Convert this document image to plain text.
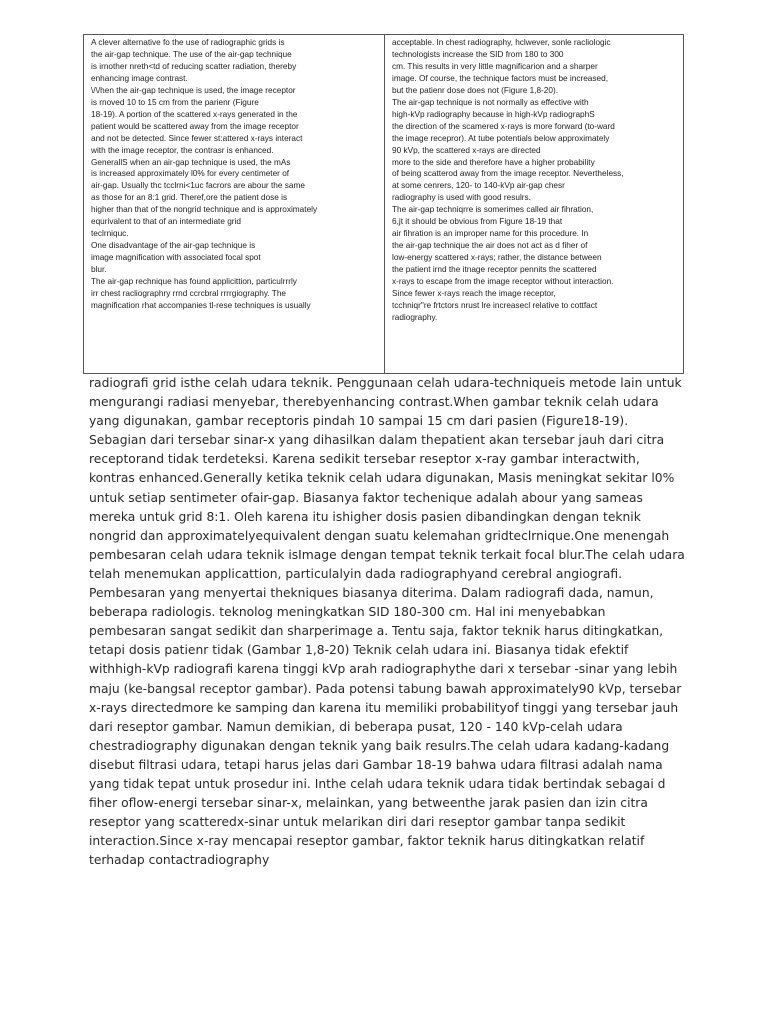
A clever alternative fo the use of radiographic grids is
the air-gap technique. The use of the air-gap technique
is irnother nreth<td of reducing scatter radiation, thereby
enhancing image contrast.
\/\/hen the air-gap technique is used, the image receptor
is rnoved 10 to 15 cm from the parienr (Figure
18-19). A portion of the scattered x-rays generated in the
patient would be scattered away from the image receptor
and not be detected. Since fewer st:attered x-rays interact
with the image receptor, the contrasr is enhanced.
GenerallS when an air-gap technique is used, the mAs
is increased approximately l0% for every centimeter of
air-gap. Usually thc tcclrni<1uc facrors are abour the same
as those for an 8:1 grid. Theref,ore the patient dose is
higher than that of the nongrid technique and is approximately
equrivalent to that of an intermediate grid
teclrniquc.
One disadvantage of the air-gap technique is
image magnification with associated focal spot
blur.
The air-gap rechnique has found applicittion, particulrrrly
irr chest racliographry rrnd ccrcbral rrrrgiography. The
magnification rhat accompanies tl-rese techniques is usually
acceptable. In chest radiography, hclwever, sonle racliologic
technologists increase the SID from 180 to 300
cm. This results in very little magnificarion and a sharper
image. Of course, the technique factors must be increased,
but the patienr dose does not (Figure 1,8-20).
The air-gap technique is not normally as effective with
high-kVp radiography because in high-kVp radiographS
the direction of the scamered x-rays is more forward (to-ward
the image recepror). At tube potentials below approximately
90 kVp, the scattered x-rays are directed
more to the side and therefore have a higher probability
of being scatterod away from the image receptor. Nevertheless,
at some cenrers, 120- to 140-kVp air-gap chesr
radiography is used with good resulrs.
The air-gap techniqrre is somerimes called air fihration,
6,jt it should be obvious from Figure 18-19 that
air fihration is an improper name for this procedure. In
the air-gap technique the air does not act as d fiher of
low-energy scattered x-rays; rather, the distance between
the patient irnd the itnage receptor pennits the scattered
x-rays to escape from the image receptor without interaction.
Since fewer x-rays reach the image receptor,
tcchniqr"re frtctors nrust lre increasecl relative to cottfact
radiography.

radiografi grid isthe celah udara teknik. Penggunaan celah udara-techniqueis metode lain untuk mengurangi radiasi menyebar, therebyenhancing contrast.When gambar teknik celah udara yang digunakan, gambar receptoris pindah 10 sampai 15 cm dari pasien (Figure18-19). Sebagian dari tersebar sinar-x yang dihasilkan dalam thepatient akan tersebar jauh dari citra receptorand tidak terdeteksi. Karena sedikit tersebar reseptor x-ray gambar interactwith, kontras enhanced.Generally ketika teknik celah udara digunakan, Masis meningkat sekitar l0% untuk setiap sentimeter ofair-gap. Biasanya faktor techenique adalah abour yang sameas mereka untuk grid 8:1. Oleh karena itu ishigher dosis pasien dibandingkan dengan teknik nongrid dan approximatelyequivalent dengan suatu kelemahan gridteclrnique.One menengah pembesaran celah udara teknik isImage dengan tempat teknik terkait focal blur.The celah udara telah menemukan applicattion, particulalyin dada radiographyand cerebral angiografi. Pembesaran yang menyertai thekniques biasanya diterima. Dalam radiografi dada, namun, beberapa radiologis. teknolog meningkatkan SID 180-300 cm. Hal ini menyebabkan pembesaran sangat sedikit dan sharperimage a. Tentu saja, faktor teknik harus ditingkatkan, tetapi dosis patienr tidak (Gambar 1,8-20) Teknik celah udara ini. Biasanya tidak efektif withhigh-kVp radiografi karena tinggi kVp arah radiographythe dari x tersebar -sinar yang lebih maju (ke-bangsal receptor gambar). Pada potensi tabung bawah approximately90 kVp, tersebar x-rays directedmore ke samping dan karena itu memiliki probabilityof tinggi yang tersebar jauh dari reseptor gambar. Namun demikian, di beberapa pusat, 120 - 140 kVp-celah udara chestradiography digunakan dengan teknik yang baik resulrs.The celah udara kadang-kadang disebut filtrasi udara, tetapi harus jelas dari Gambar 18-19 bahwa udara filtrasi adalah nama yang tidak tepat untuk prosedur ini. Inthe celah udara teknik udara tidak bertindak sebagai d fiher oflow-energi tersebar sinar-x, melainkan, yang betweenthe jarak pasien dan izin citra reseptor yang scatteredx-sinar untuk melarikan diri dari reseptor gambar tanpa sedikit interaction.Since x-ray mencapai reseptor gambar, faktor teknik harus ditingkatkan relatif terhadap contactradiography
